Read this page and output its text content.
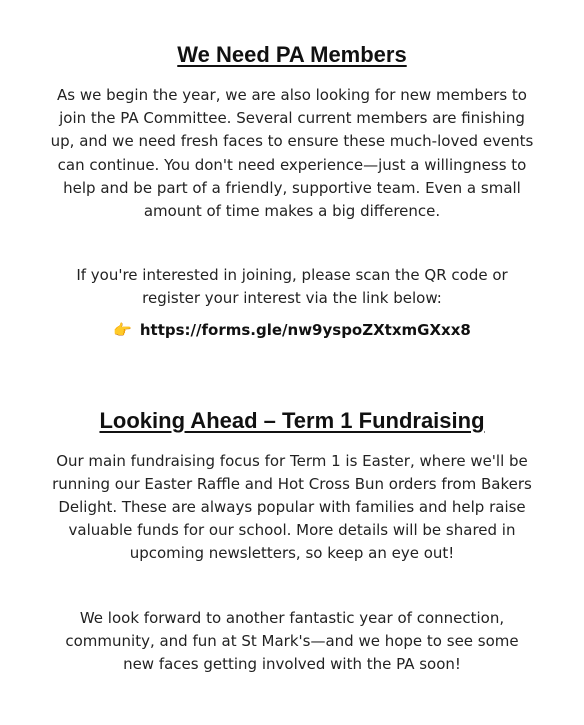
We Need PA Members

As we begin the year, we are also looking for new members to join the PA Committee. Several current members are finishing up, and we need fresh faces to ensure these much-loved events can continue. You don't need experience—just a willingness to help and be part of a friendly, supportive team. Even a small amount of time makes a big difference.

If you're interested in joining, please scan the QR code or register your interest via the link below:

👉 https://forms.gle/nw9yspoZXtxmGXxx8
Looking Ahead – Term 1 Fundraising

Our main fundraising focus for Term 1 is Easter, where we'll be running our Easter Raffle and Hot Cross Bun orders from Bakers Delight. These are always popular with families and help raise valuable funds for our school. More details will be shared in upcoming newsletters, so keep an eye out!

We look forward to another fantastic year of connection, community, and fun at St Mark's—and we hope to see some new faces getting involved with the PA soon!
